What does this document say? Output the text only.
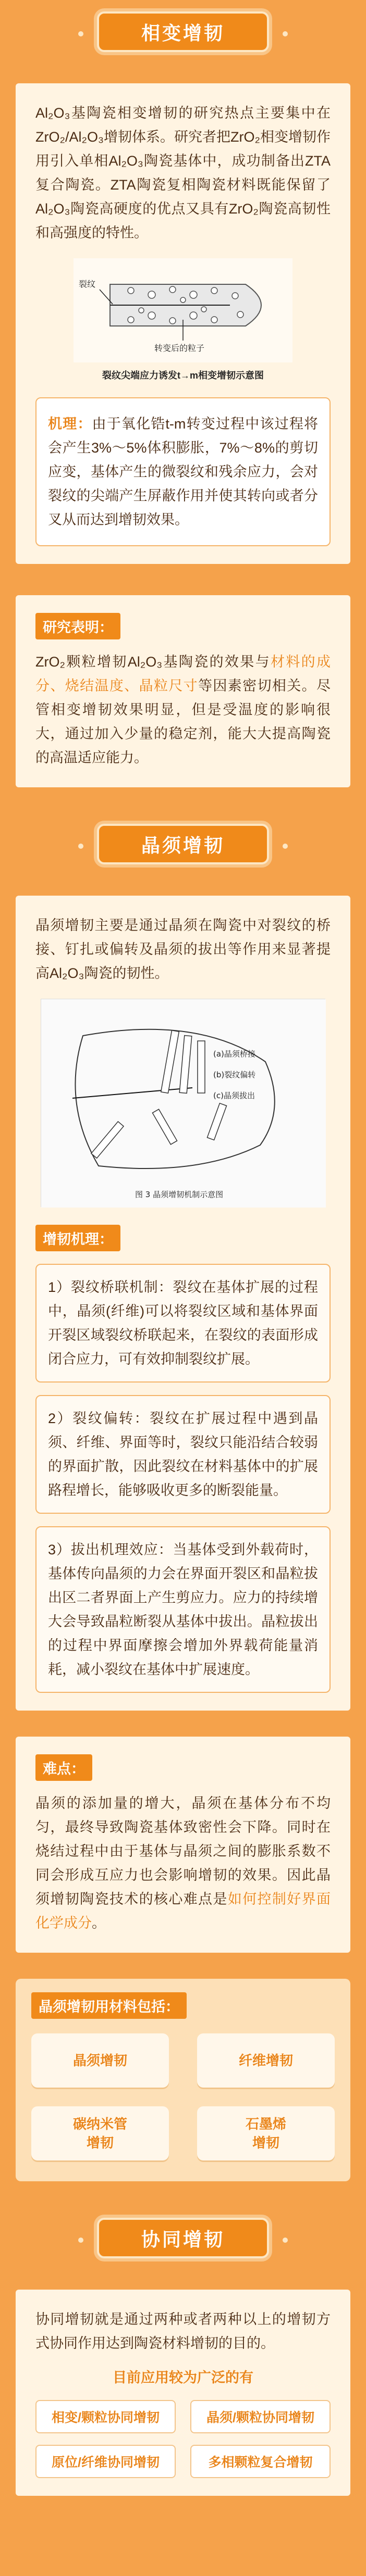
相变增韧

Al₂O₃基陶瓷相变增韧的研究热点主要集中在ZrO₂/Al₂O₃增韧体系。研究者把ZrO₂相变增韧作用引入单相Al₂O₃陶瓷基体中，成功制备出ZTA复合陶瓷。ZTA陶瓷复相陶瓷材料既能保留了Al₂O₃陶瓷高硬度的优点又具有ZrO₂陶瓷高韧性和高强度的特性。

裂纹
转变后的粒子
裂纹尖端应力诱发t→m相变增韧示意图

机理：由于氧化锆t-m转变过程中该过程将会产生3%～5%体积膨胀，7%～8%的剪切应变，基体产生的微裂纹和残余应力，会对裂纹的尖端产生屏蔽作用并使其转向或者分叉从而达到增韧效果。

研究表明：

ZrO₂颗粒增韧Al₂O₃基陶瓷的效果与材料的成分、烧结温度、晶粒尺寸等因素密切相关。尽管相变增韧效果明显，但是受温度的影响很大，通过加入少量的稳定剂，能大大提高陶瓷的高温适应能力。

晶须增韧

晶须增韧主要是通过晶须在陶瓷中对裂纹的桥接、钉扎或偏转及晶须的拔出等作用来显著提高Al₂O₃陶瓷的韧性。

(a)晶须桥接
(b)裂纹偏转
(c)晶须拔出
图 3 晶须增韧机制示意图
增韧机理：

1）裂纹桥联机制：裂纹在基体扩展的过程中，晶须(纤维)可以将裂纹区域和基体界面开裂区域裂纹桥联起来，在裂纹的表面形成闭合应力，可有效抑制裂纹扩展。

2）裂纹偏转：裂纹在扩展过程中遇到晶须、纤维、界面等时，裂纹只能沿结合较弱的界面扩散，因此裂纹在材料基体中的扩展路程增长，能够吸收更多的断裂能量。

3）拔出机理效应：当基体受到外载荷时，基体传向晶须的力会在界面开裂区和晶粒拔出区二者界面上产生剪应力。应力的持续增大会导致晶粒断裂从基体中拔出。晶粒拔出的过程中界面摩擦会增加外界载荷能量消耗，减小裂纹在基体中扩展速度。

难点：

晶须的添加量的增大，晶须在基体分布不均匀，最终导致陶瓷基体致密性会下降。同时在烧结过程中由于基体与晶须之间的膨胀系数不同会形成互应力也会影响增韧的效果。因此晶须增韧陶瓷技术的核心难点是如何控制好界面化学成分。

晶须增韧用材料包括：
晶须增韧	纤维增韧
碳纳米管
增韧
石墨烯
增韧
协同增韧

协同增韧就是通过两种或者两种以上的增韧方式协同作用达到陶瓷材料增韧的目的。

目前应用较为广泛的有

相变/颗粒协同增韧	晶须/颗粒协同增韧
原位/纤维协同增韧	多相颗粒复合增韧
